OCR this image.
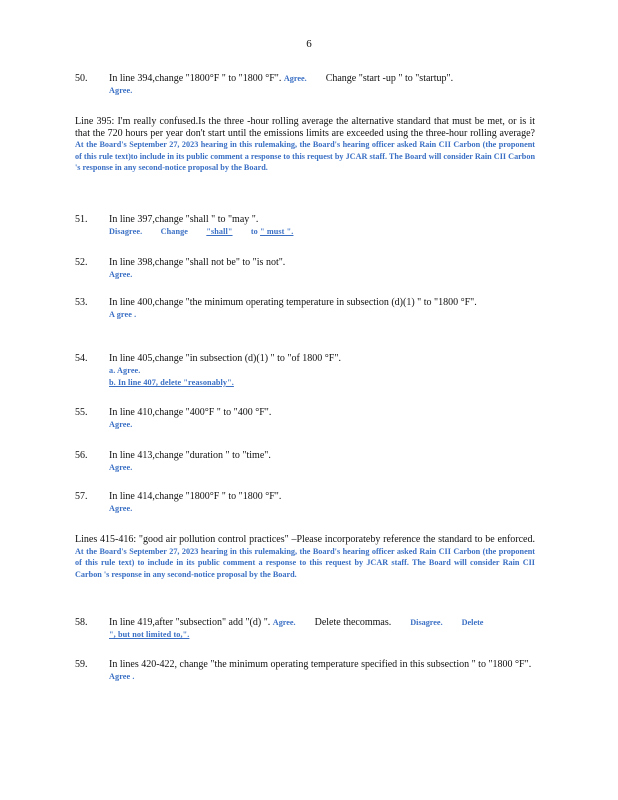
6
50. In line 394,change "1800°F " to "1800 °F". Agree. Change "start -up " to "startup".
Agree.
Line 395: I'm really confused.Is the three -hour rolling average the alternative standard that must be met, or is it that the 720 hours per year don't start until the emissions limits are exceeded using the three-hour rolling average? At the Board's September 27, 2023 hearing in this rulemaking, the Board's hearing officer asked Rain CII Carbon (the proponent of this rule text)to include in its public comment a response to this request by JCAR staff. The Board will consider Rain CII Carbon 's response in any second-notice proposal by the Board.
51. In line 397,change "shall " to "may ".
Disagree. Change "shall" to " must ".
52. In line 398,change "shall not be" to "is not".
Agree.
53. In line 400,change "the minimum operating temperature in subsection (d)(1) " to "1800 °F".
A gree .
54. In line 405,change "in subsection (d)(1) " to "of 1800 °F".
a. Agree.
b. In line 407, delete "reasonably".
55. In line 410,change "400°F " to "400 °F".
Agree.
56. In line 413,change "duration " to "time".
Agree.
57. In line 414,change "1800°F " to "1800 °F".
Agree.
Lines 415-416: "good air pollution control practices" –Please incorporateby reference the standard to be enforced. At the Board's September 27, 2023 hearing in this rulemaking, the Board's hearing officer asked Rain CII Carbon (the proponent of this rule text) to include in its public comment a response to this request by JCAR staff. The Board will consider Rain CII Carbon 's response in any second-notice proposal by the Board.
58. In line 419,after "subsection" add "(d) ". Agree. Delete thecommas. Disagree. Delete
", but not limited to,".
59. In lines 420-422, change "the minimum operating temperature specified in this subsection " to "1800 °F".
Agree .
